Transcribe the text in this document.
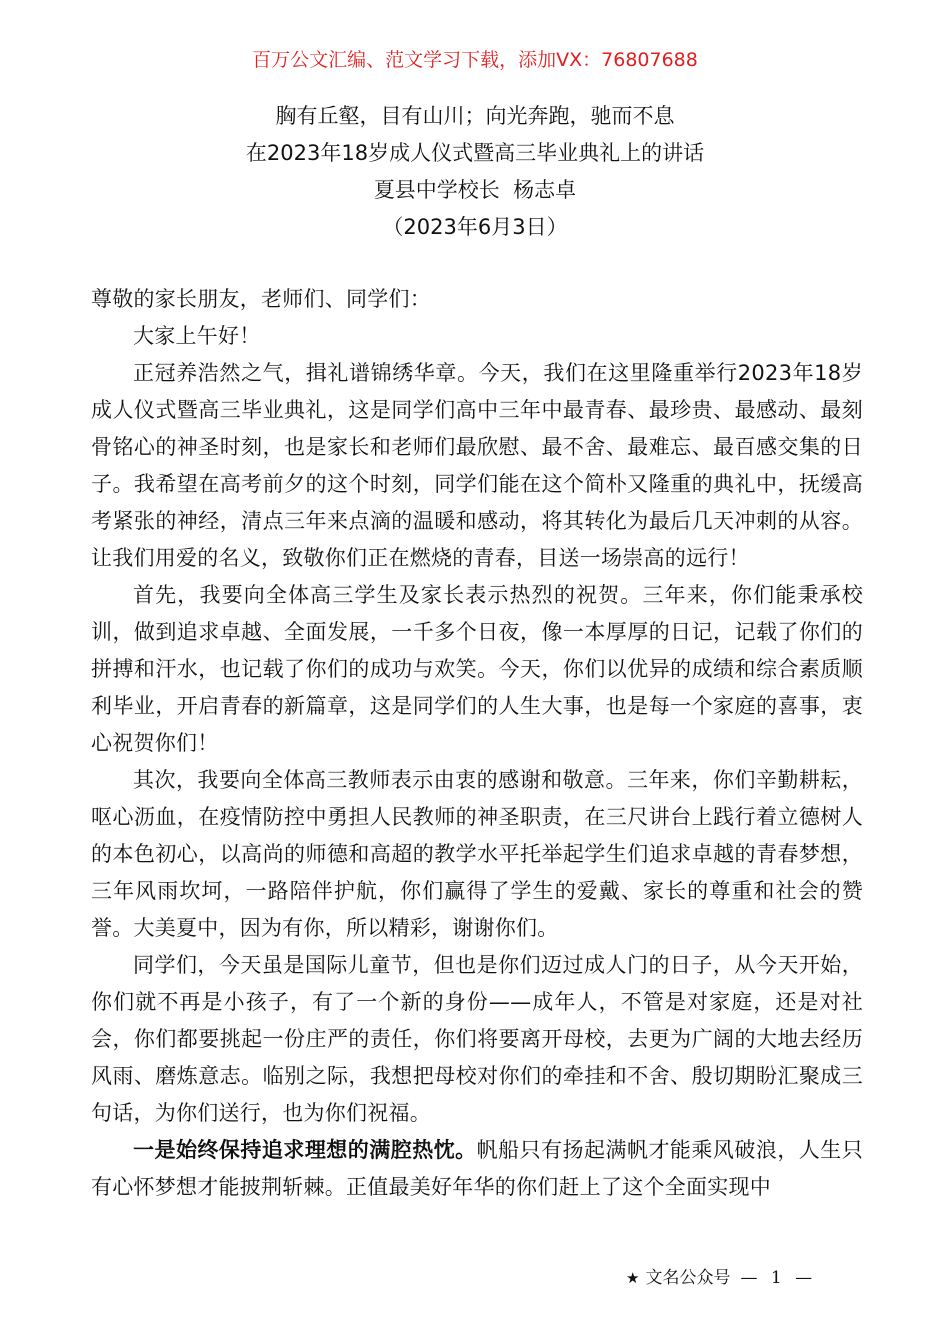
百万公文汇编、范文学习下载，添加VX：76807688
胸有丘壑，目有山川；向光奔跑，驰而不息
在2023年18岁成人仪式暨高三毕业典礼上的讲话
夏县中学校长  杨志卓
（2023年6月3日）

尊敬的家长朋友，老师们、同学们：

大家上午好！

正冠养浩然之气，揖礼谱锦绣华章。今天，我们在这里隆重举行2023年18岁成人仪式暨高三毕业典礼，这是同学们高中三年中最青春、最珍贵、最感动、最刻骨铭心的神圣时刻，也是家长和老师们最欣慰、最不舍、最难忘、最百感交集的日子。我希望在高考前夕的这个时刻，同学们能在这个简朴又隆重的典礼中，抚缓高考紧张的神经，清点三年来点滴的温暖和感动，将其转化为最后几天冲刺的从容。让我们用爱的名义，致敬你们正在燃烧的青春，目送一场崇高的远行！

首先，我要向全体高三学生及家长表示热烈的祝贺。三年来，你们能秉承校训，做到追求卓越、全面发展，一千多个日夜，像一本厚厚的日记，记载了你们的拼搏和汗水，也记载了你们的成功与欢笑。今天，你们以优异的成绩和综合素质顺利毕业，开启青春的新篇章，这是同学们的人生大事，也是每一个家庭的喜事，衷心祝贺你们！

其次，我要向全体高三教师表示由衷的感谢和敬意。三年来，你们辛勤耕耘，呕心沥血，在疫情防控中勇担人民教师的神圣职责，在三尺讲台上践行着立德树人的本色初心，以高尚的师德和高超的教学水平托举起学生们追求卓越的青春梦想，三年风雨坎坷，一路陪伴护航，你们赢得了学生的爱戴、家长的尊重和社会的赞誉。大美夏中，因为有你，所以精彩，谢谢你们。

同学们，今天虽是国际儿童节，但也是你们迈过成人门的日子，从今天开始，你们就不再是小孩子，有了一个新的身份——成年人，不管是对家庭，还是对社会，你们都要挑起一份庄严的责任，你们将要离开母校，去更为广阔的大地去经历风雨、磨炼意志。临别之际，我想把母校对你们的牵挂和不舍、殷切期盼汇聚成三句话，为你们送行，也为你们祝福。

一是始终保持追求理想的满腔热忱。帆船只有扬起满帆才能乘风破浪，人生只有心怀梦想才能披荆斩棘。正值最美好年华的你们赶上了这个全面实现中

★ 文名公众号 — 1 —
